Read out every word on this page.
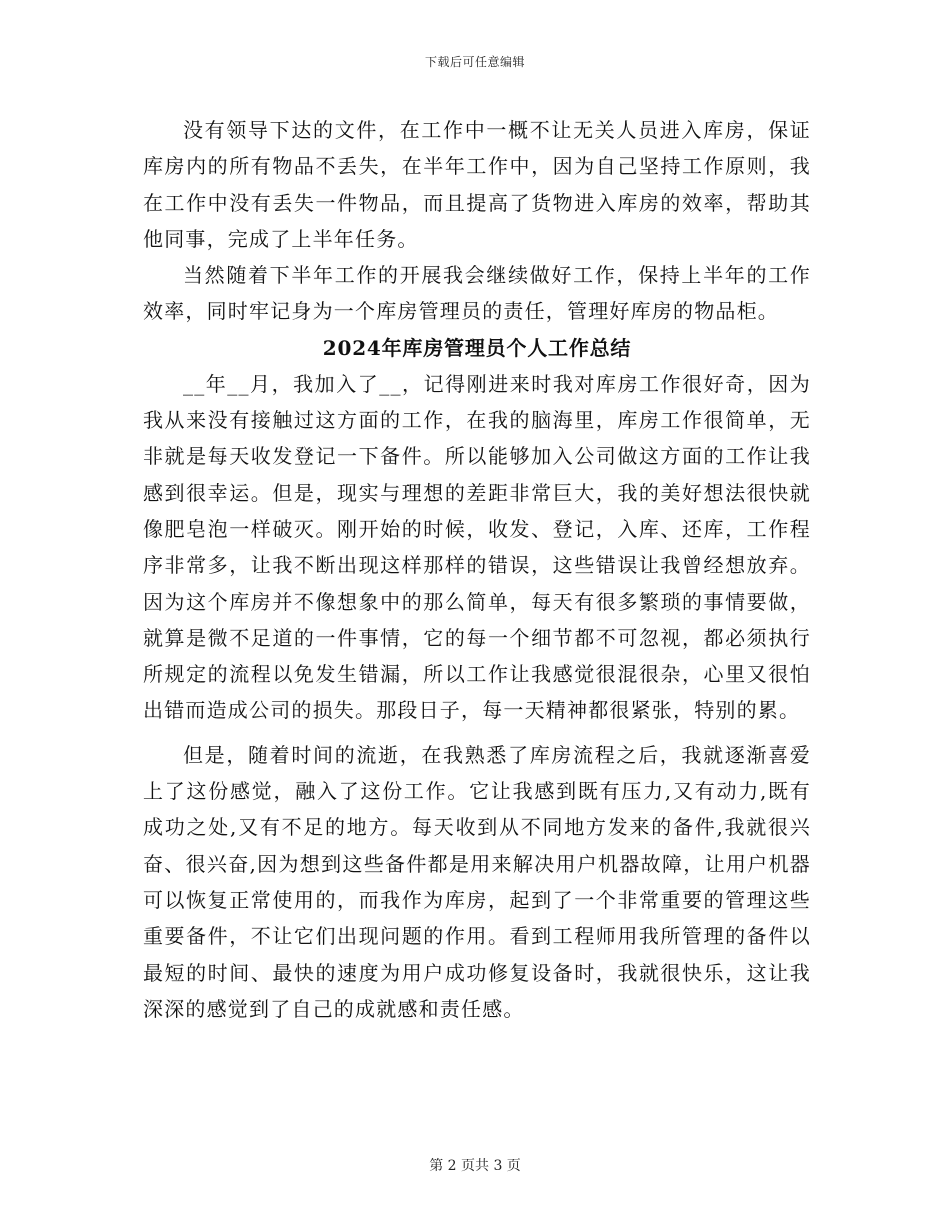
下载后可任意编辑

没有领导下达的文件，在工作中一概不让无关人员进入库房，保证库房内的所有物品不丢失，在半年工作中，因为自己坚持工作原则，我在工作中没有丢失一件物品，而且提高了货物进入库房的效率，帮助其他同事，完成了上半年任务。

当然随着下半年工作的开展我会继续做好工作，保持上半年的工作效率，同时牢记身为一个库房管理员的责任，管理好库房的物品柜。

2024年库房管理员个人工作总结

__年__月，我加入了__，记得刚进来时我对库房工作很好奇，因为我从来没有接触过这方面的工作，在我的脑海里，库房工作很简单，无非就是每天收发登记一下备件。所以能够加入公司做这方面的工作让我感到很幸运。但是，现实与理想的差距非常巨大，我的美好想法很快就像肥皂泡一样破灭。刚开始的时候，收发、登记，入库、还库，工作程序非常多，让我不断出现这样那样的错误，这些错误让我曾经想放弃。因为这个库房并不像想象中的那么简单，每天有很多繁琐的事情要做，就算是微不足道的一件事情，它的每一个细节都不可忽视，都必须执行所规定的流程以免发生错漏，所以工作让我感觉很混很杂，心里又很怕出错而造成公司的损失。那段日子，每一天精神都很紧张，特别的累。

但是，随着时间的流逝，在我熟悉了库房流程之后，我就逐渐喜爱上了这份感觉，融入了这份工作。它让我感到既有压力,又有动力,既有成功之处,又有不足的地方。每天收到从不同地方发来的备件,我就很兴奋、很兴奋,因为想到这些备件都是用来解决用户机器故障，让用户机器可以恢复正常使用的，而我作为库房，起到了一个非常重要的管理这些重要备件，不让它们出现问题的作用。看到工程师用我所管理的备件以最短的时间、最快的速度为用户成功修复设备时，我就很快乐，这让我深深的感觉到了自己的成就感和责任感。

第 2 页共 3 页
